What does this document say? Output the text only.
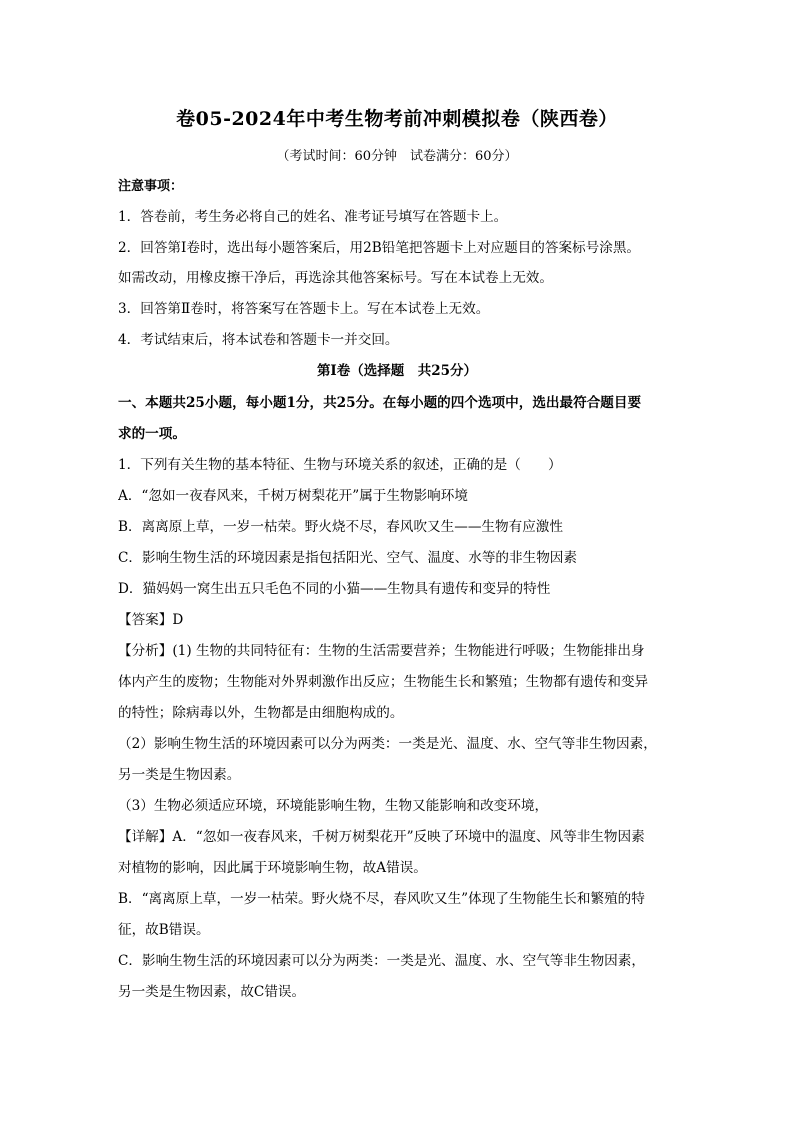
卷05-2024年中考生物考前冲刺模拟卷（陕西卷）
（考试时间：60分钟　试卷满分：60分）
注意事项：
1．答卷前，考生务必将自己的姓名、准考证号填写在答题卡上。
2．回答第Ⅰ卷时，选出每小题答案后，用2B铅笔把答题卡上对应题目的答案标号涂黑。
如需改动，用橡皮擦干净后，再选涂其他答案标号。写在本试卷上无效。
3．回答第Ⅱ卷时，将答案写在答题卡上。写在本试卷上无效。
4．考试结束后，将本试卷和答题卡一并交回。
第Ⅰ卷（选择题　共25分）
一、本题共25小题，每小题1分，共25分。在每小题的四个选项中，选出最符合题目要
求的一项。
1．下列有关生物的基本特征、生物与环境关系的叙述，正确的是（　　）
A．“忽如一夜春风来，千树万树梨花开”属于生物影响环境
B．离离原上草，一岁一枯荣。野火烧不尽，春风吹又生——生物有应激性
C．影响生物生活的环境因素是指包括阳光、空气、温度、水等的非生物因素
D．猫妈妈一窝生出五只毛色不同的小猫——生物具有遗传和变异的特性
【答案】D
【分析】(1) 生物的共同特征有：生物的生活需要营养；生物能进行呼吸；生物能排出身
体内产生的废物；生物能对外界刺激作出反应；生物能生长和繁殖；生物都有遗传和变异
的特性；除病毒以外，生物都是由细胞构成的。
（2）影响生物生活的环境因素可以分为两类：一类是光、温度、水、空气等非生物因素，
另一类是生物因素。
（3）生物必须适应环境，环境能影响生物，生物又能影响和改变环境，
【详解】A．“忽如一夜春风来，千树万树梨花开”反映了环境中的温度、风等非生物因素
对植物的影响，因此属于环境影响生物，故A错误。
B．“离离原上草，一岁一枯荣。野火烧不尽，春风吹又生”体现了生物能生长和繁殖的特
征，故B错误。
C．影响生物生活的环境因素可以分为两类：一类是光、温度、水、空气等非生物因素，
另一类是生物因素，故C错误。
